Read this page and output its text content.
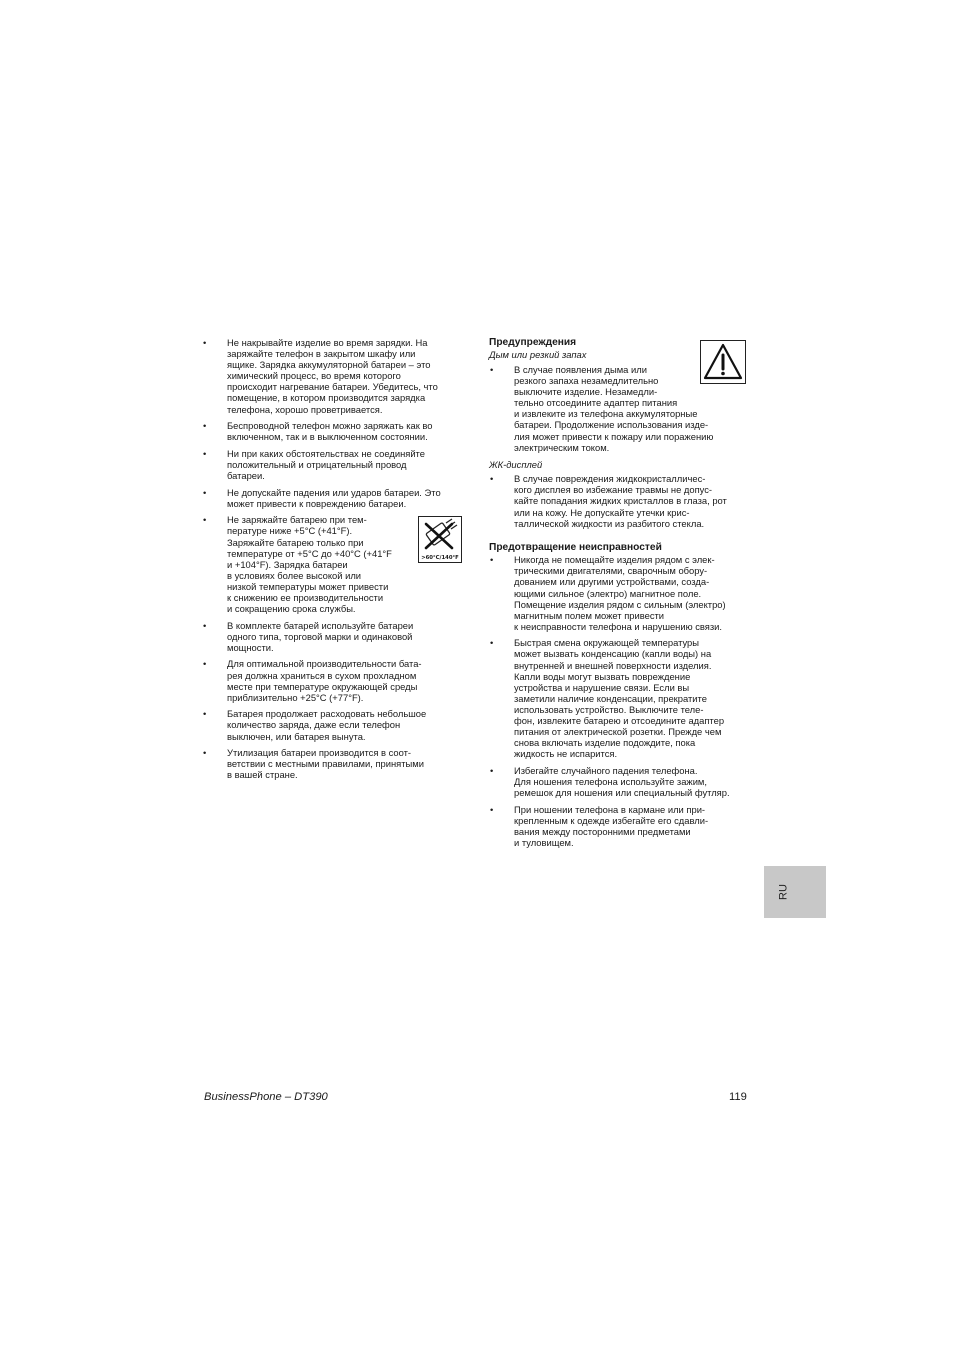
• Не накрывайте изделие во время зарядки. На
заряжайте телефон в закрытом шкафу или
ящике. Зарядка аккумуляторной батареи – это
химический процесс, во время которого
происходит нагревание батареи. Убедитесь, что
помещение, в котором производится зарядка
телефона, хорошо проветривается.
• Беспроводной телефон можно заряжать как во
включенном, так и в выключенном состоянии.
• Ни при каких обстоятельствах не соединяйте
положительный и отрицательный провод
батареи.
• Не допускайте падения или ударов батареи. Это
может привести к повреждению батареи.
• Не заряжайте батарею при тем-
пературе ниже +5°C (+41°F).
Заряжайте батарею только при
температуре от +5°C до +40°C (+41°F
и +104°F). Зарядка батареи
в условиях более высокой или
низкой температуры может привести
к снижению ее производительности
и сокращению срока службы.
• В комплекте батарей используйте батареи
одного типа, торговой марки и одинаковой
мощности.
• Для оптимальной производительности бата-
рея должна храниться в сухом прохладном
месте при температуре окружающей среды
приблизительно +25°C (+77°F).
• Батарея продолжает расходовать небольшое
количество заряда, даже если телефон
выключен, или батарея вынута.
• Утилизация батареи производится в соот-
ветствии с местными правилами, принятыми
в вашей стране.
>60°C/140°F
Предупреждения

Дым или резкий запах

• В случае появления дыма или
резкого запаха незамедлительно
выключите изделие. Незамедли-
тельно отсоедините адаптер питания
и извлеките из телефона аккумуляторные
батареи. Продолжение использования изде-
лия может привести к пожару или поражению
электрическим током.

ЖК-дисплей

• В случае повреждения жидкокристалличес-
кого дисплея во избежание травмы не допус-
кайте попадания жидких кристаллов в глаза, рот
или на кожу. Не допускайте утечки крис-
таллической жидкости из разбитого стекла.
Предотвращение неисправностей
• Никогда не помещайте изделия рядом с элек-
трическими двигателями, сварочным обору-
дованием или другими устройствами, созда-
ющими сильное (электро) магнитное поле.
Помещение изделия рядом с сильным (электро)
магнитным полем может привести
к неисправности телефона и нарушению связи.
• Быстрая смена окружающей температуры
может вызвать конденсацию (капли воды) на
внутренней и внешней поверхности изделия.
Капли воды могут вызвать повреждение
устройства и нарушение связи. Если вы
заметили наличие конденсации, прекратите
использовать устройство. Выключите теле-
фон, извлеките батарею и отсоедините адаптер
питания от электрической розетки. Прежде чем
снова включать изделие подождите, пока
жидкость не испарится.
• Избегайте случайного падения телефона.
Для ношения телефона используйте зажим,
ремешок для ношения или специальный футляр.
• При ношении телефона в кармане или при-
крепленным к одежде избегайте его сдавли-
вания между посторонними предметами
и туловищем.
RU
BusinessPhone – DT390	119
